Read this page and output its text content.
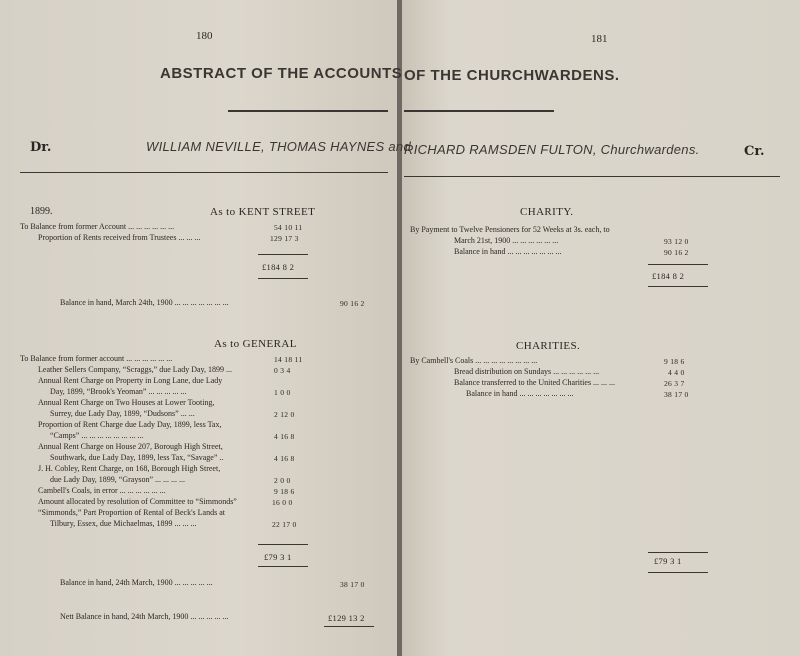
180	181
ABSTRACT OF THE ACCOUNTS OF THE CHURCHWARDENS.
Dr.	WILLIAM NEVILLE, THOMAS HAYNES and
RICHARD RAMSDEN FULTON, Churchwardens.	Cr.
1899.	As to KENT STREET
To Balance from former Account ... ... ... ... ... ...	54 10 11
Proportion of Rents received from Trustees ... ... ...	129 17 3
£184 8 2
Balance in hand, March 24th, 1900 ... ... ... ... ... ... ...	90 16 2
CHARITY.
By Payment to Twelve Pensioners for 52 Weeks at 3s. each, to
March 21st, 1900 ... ... ... ... ... ...	93 12 0
Balance in hand ... ... ... ... ... ... ...	90 16 2
£184 8 2
As to GENERAL
To Balance from former account ... ... ... ... ... ...	14 18 11
Leather Sellers Company, “Scraggs,” due Lady Day, 1899 ...	0 3 4
Annual Rent Charge on Property in Long Lane, due Lady
Day, 1899, “Brook's Yeoman” ... ... ... ... ...	1 0 0
Annual Rent Charge on Two Houses at Lower Tooting,
Surrey, due Lady Day, 1899, “Dudsons” ... ...	2 12 0
Proportion of Rent Charge due Lady Day, 1899, less Tax,
“Camps” ... ... ... ... ... ... ... ...	4 16 8
Annual Rent Charge on House 207, Borough High Street,
Southwark, due Lady Day, 1899, less Tax, “Savage” ..	4 16 8
J. H. Cobley, Rent Charge, on 168, Borough High Street,
due Lady Day, 1899, “Grayson” ... ... ... ...	2 0 0
Cambell's Coals, in error ... ... ... ... ... ...	9 18 6
Amount allocated by resolution of Committee to “Simmonds”	16 0 0
“Simmonds,” Part Proportion of Rental of Beck's Lands at
Tilbury, Essex, due Michaelmas, 1899 ... ... ...	22 17 0
£79 3 1
Balance in hand, 24th March, 1900 ... ... ... ... ...	38 17 0
Nett Balance in hand, 24th March, 1900 ... ... ... ... ...	£129 13 2
CHARITIES.
By Cambell's Coals ... ... ... ... ... ... ... ...	9 18 6
Bread distribution on Sundays ... ... ... ... ... ...	4 4 0
Balance transferred to the United Charities ... ... ...	26 3 7
Balance in hand ... ... ... ... ... ... ...	38 17 0
£79 3 1
